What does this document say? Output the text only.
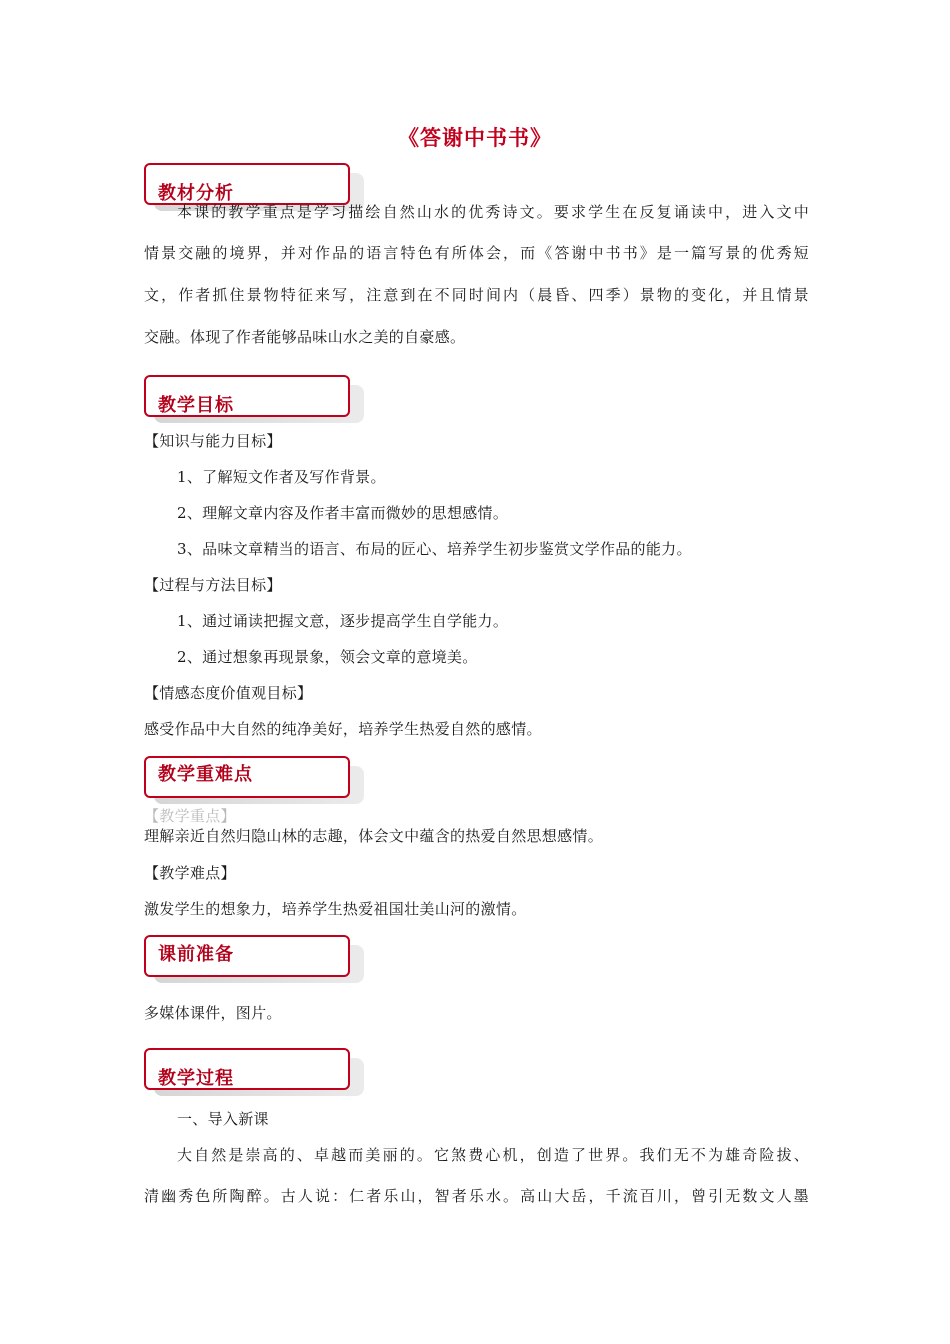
《答谢中书书》
教材分析
本课的教学重点是学习描绘自然山水的优秀诗文。要求学生在反复诵读中，进入文中
情景交融的境界，并对作品的语言特色有所体会，而《答谢中书书》是一篇写景的优秀短
文，作者抓住景物特征来写，注意到在不同时间内（晨昏、四季）景物的变化，并且情景
交融。体现了作者能够品味山水之美的自豪感。
教学目标
【知识与能力目标】
1、了解短文作者及写作背景。
2、理解文章内容及作者丰富而微妙的思想感情。
3、品味文章精当的语言、布局的匠心、培养学生初步鉴赏文学作品的能力。
【过程与方法目标】
1、通过诵读把握文意，逐步提高学生自学能力。
2、通过想象再现景象，领会文章的意境美。
【情感态度价值观目标】
感受作品中大自然的纯净美好，培养学生热爱自然的感情。
教学重难点
【教学重点】
理解亲近自然归隐山林的志趣，体会文中蕴含的热爱自然思想感情。
【教学难点】
激发学生的想象力，培养学生热爱祖国壮美山河的激情。
课前准备
多媒体课件，图片。
教学过程
一、导入新课
大自然是崇高的、卓越而美丽的。它煞费心机，创造了世界。我们无不为雄奇险拔、
清幽秀色所陶醉。古人说：仁者乐山，智者乐水。高山大岳，千流百川，曾引无数文人墨
